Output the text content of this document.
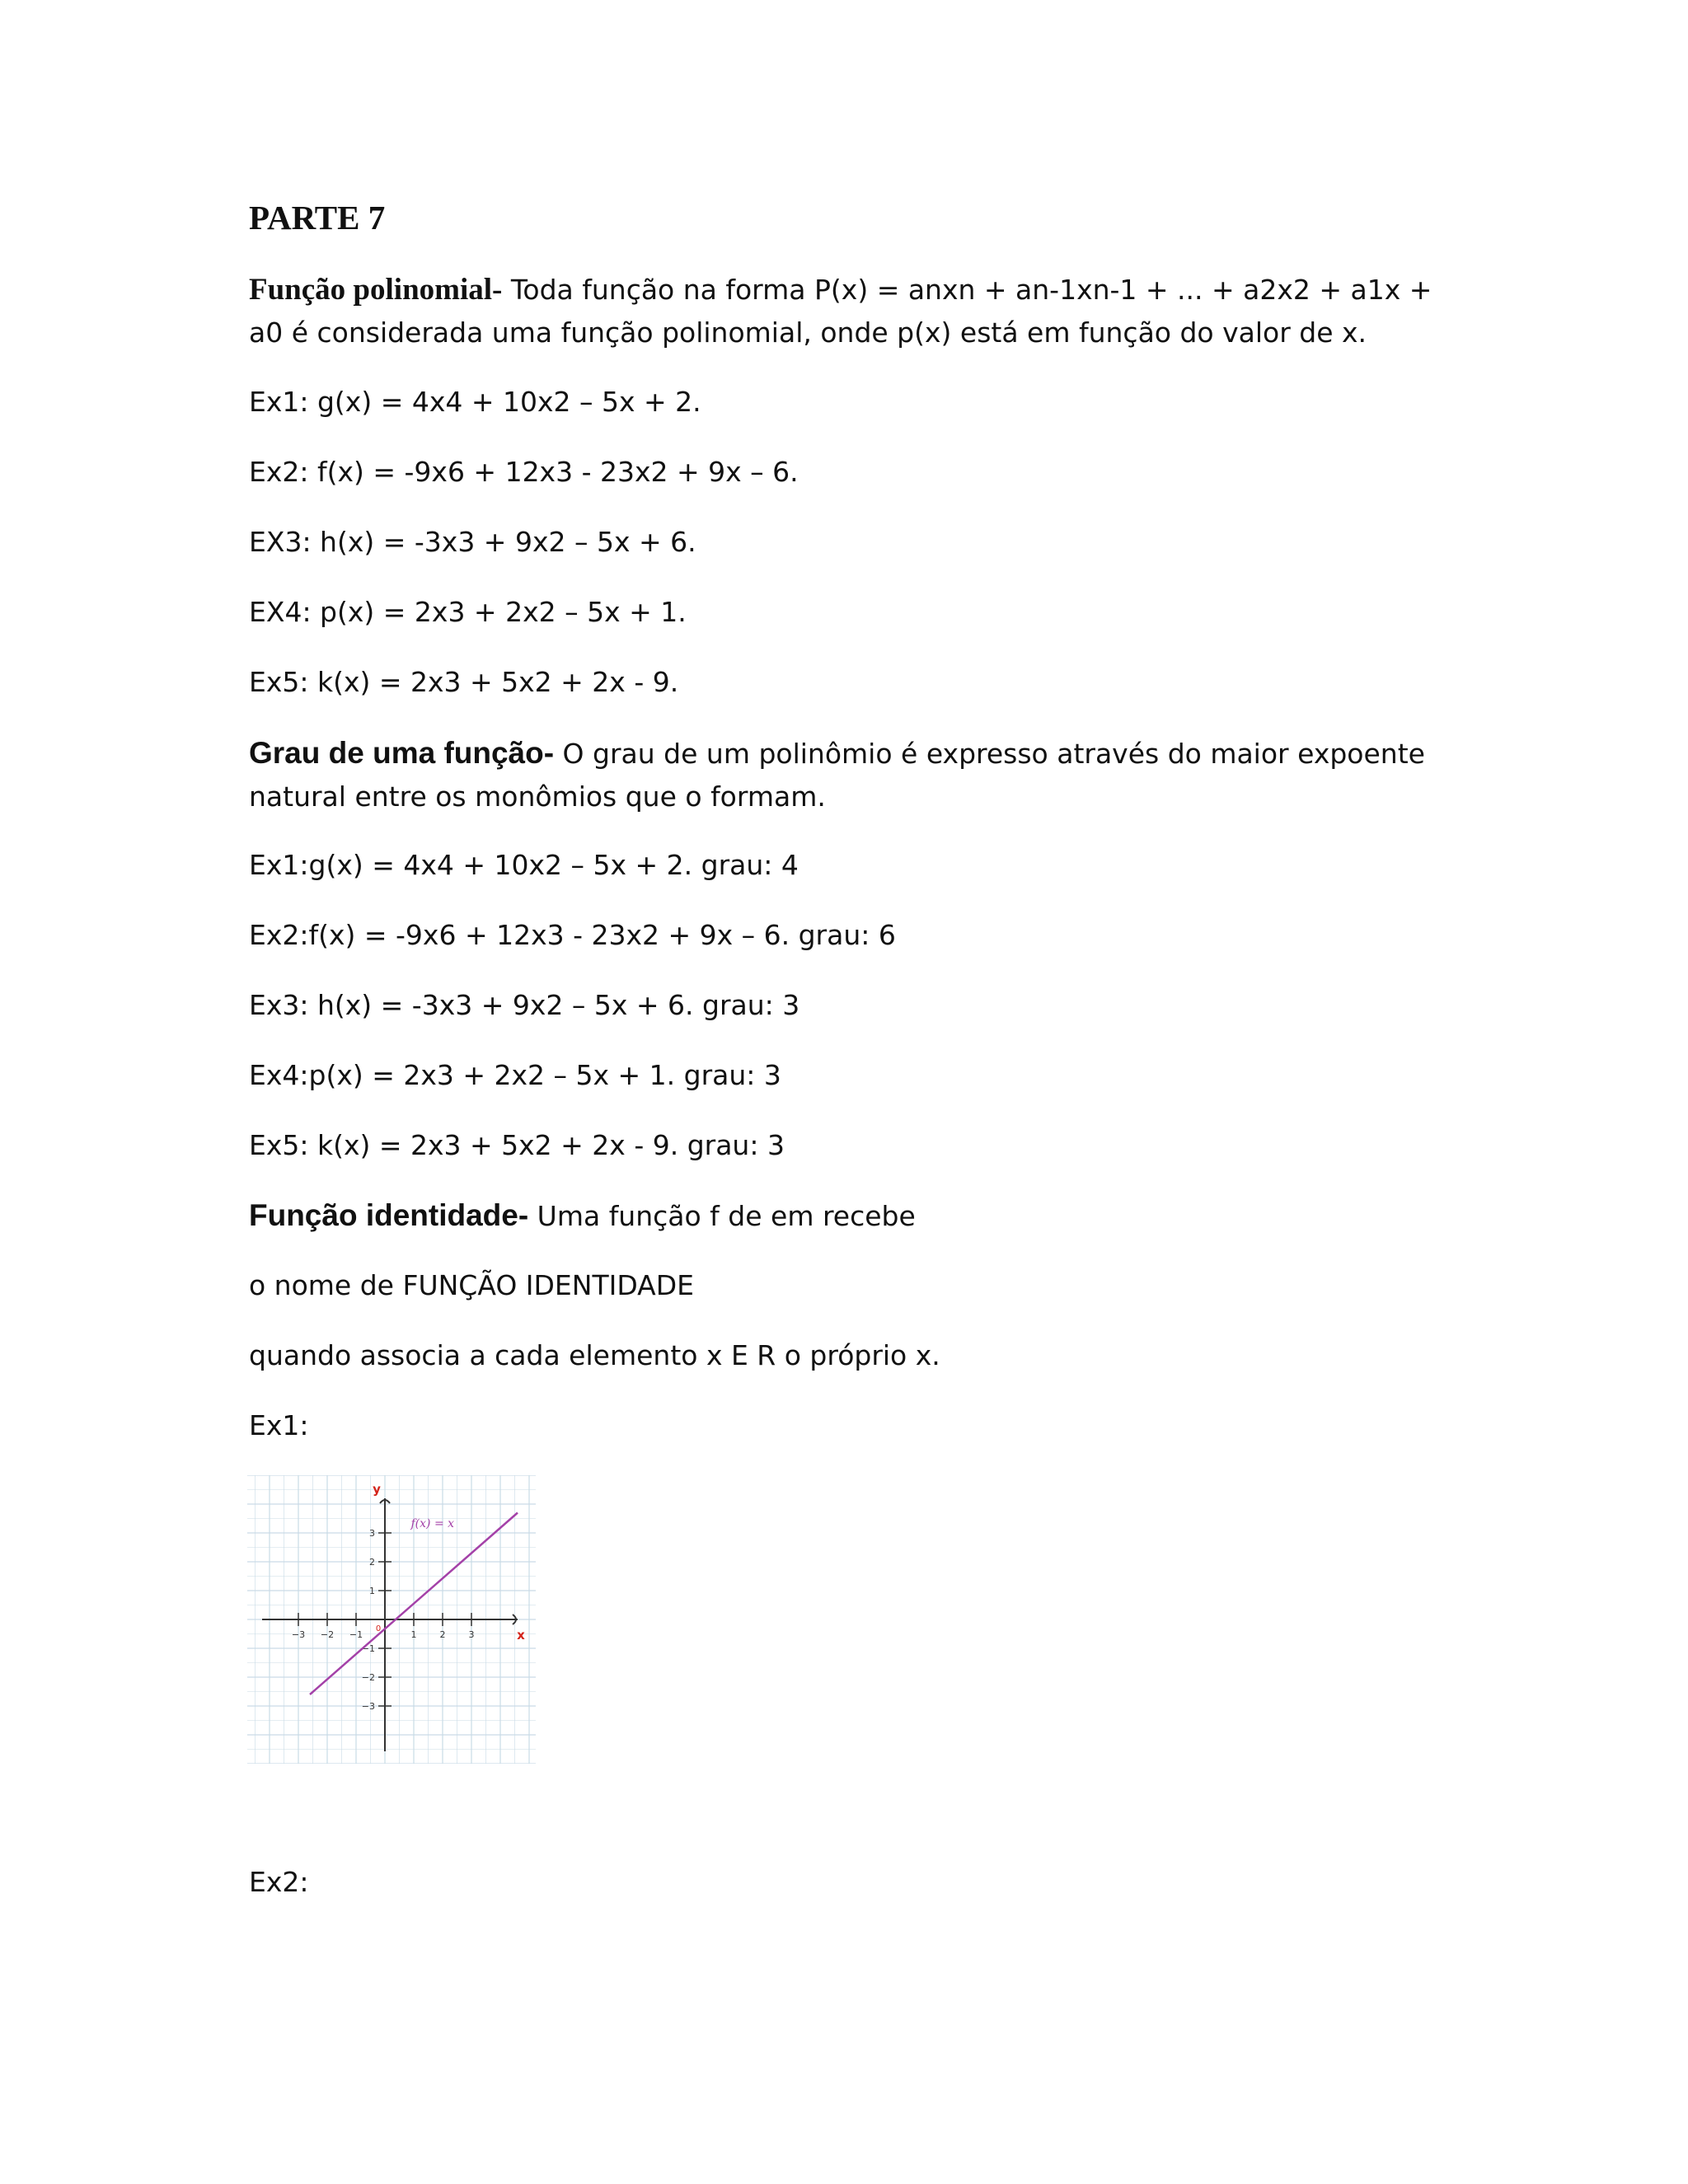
PARTE 7

Função polinomial- Toda função na forma P(x) = anxn + an-1xn-1 + ... + a2x2 + a1x + a0 é considerada uma função polinomial, onde p(x) está em função do valor de x.

Ex1: g(x) = 4x4 + 10x2 – 5x + 2.
Ex2: f(x) = -9x6 + 12x3 - 23x2 + 9x – 6.
EX3: h(x) = -3x3 + 9x2 – 5x + 6.
EX4: p(x) = 2x3 + 2x2 – 5x + 1.
Ex5: k(x) = 2x3 + 5x2 + 2x - 9.

Grau de uma função- O grau de um polinômio é expresso através do maior expoente natural entre os monômios que o formam.

Ex1:g(x) = 4x4 + 10x2 – 5x + 2. grau: 4
Ex2:f(x) = -9x6 + 12x3 - 23x2 + 9x – 6. grau: 6
Ex3: h(x) = -3x3 + 9x2 – 5x + 6. grau: 3
Ex4:p(x) = 2x3 + 2x2 – 5x + 1. grau: 3
Ex5: k(x) = 2x3 + 5x2 + 2x - 9. grau: 3
Função identidade- Uma função f de em recebe
o nome de FUNÇÃO IDENTIDADE
quando associa a cada elemento x E R o próprio x.
Ex1:
−3 −2 −1	1	2	3
3
2
1
−1
−2
−3
0	x
y
f(x) = x
Ex2:
